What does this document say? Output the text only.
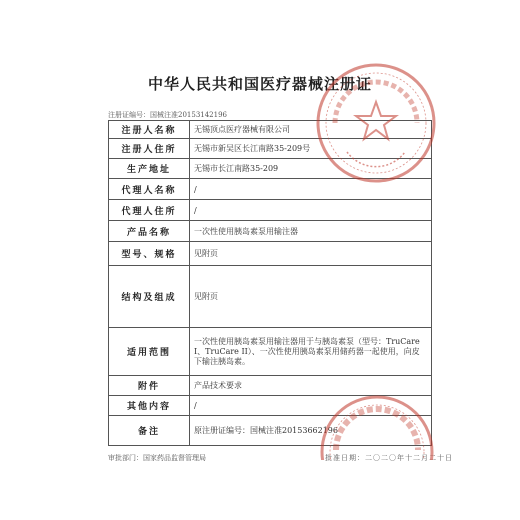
中华人民共和国医疗器械注册证
注册证编号：国械注准20153142196
注册人名称	无锡顶点医疗器械有限公司
注册人住所	无锡市新吴区长江南路35-209号
生产地址	无锡市长江南路35-209
代理人名称	/
代理人住所	/
产品名称	一次性使用胰岛素泵用输注器
型号、规格	见附页
结构及组成	见附页
适用范围	一次性使用胰岛素泵用输注器用于与胰岛素泵（型号：TruCare I、TruCare II）、一次性使用胰岛素泵用储药器一起使用，向皮下输注胰岛素。
附件	产品技术要求
其他内容	/
备注	原注册证编号：国械注准20153662196
审批部门：国家药品监督管理局	批准日期：二〇二〇年十二月二十日
